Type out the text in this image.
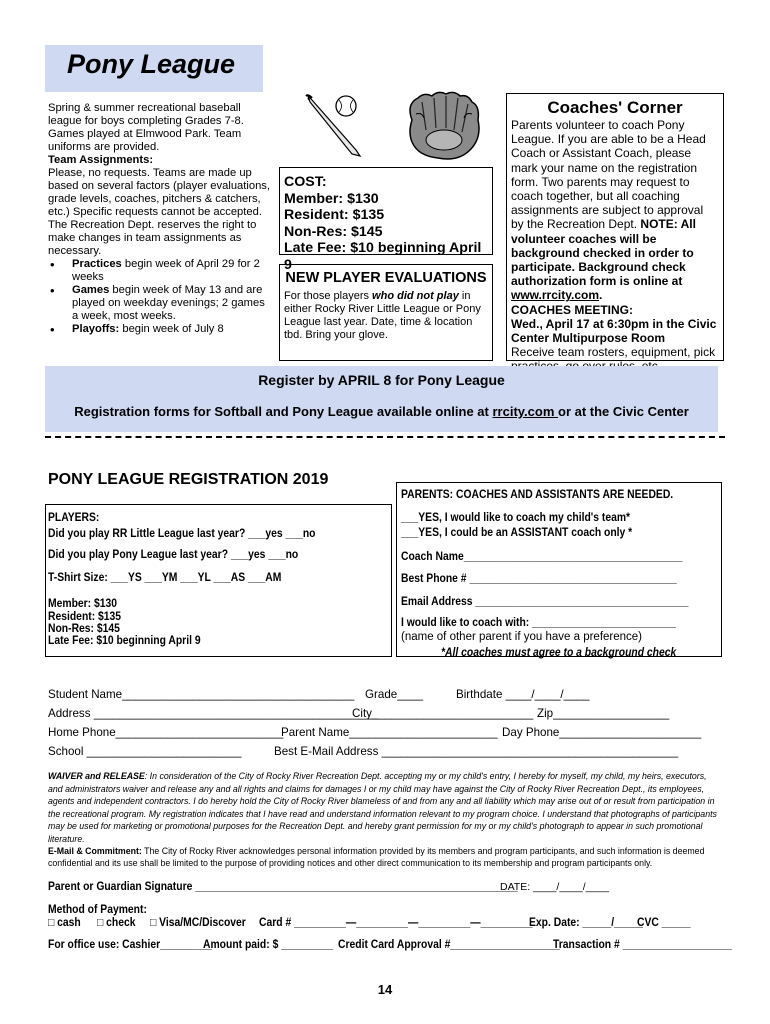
Pony League

Spring & summer recreational baseball league for boys completing Grades 7-8. Games played at Elmwood Park. Team uniforms are provided.

Team Assignments:

Please, no requests. Teams are made up based on several factors (player evaluations, grade levels, coaches, pitchers & catchers, etc.) Specific requests cannot be accepted. The Recreation Dept. reserves the right to make changes in team assignments as necessary.

• Practices begin week of April 29 for 2 weeks
• Games begin week of May 13 and are played on weekday evenings; 2 games a week, most weeks.
• Playoffs: begin week of July 8
COST:
Member: $130
Resident: $135
Non-Res: $145
Late Fee: $10 beginning April 9
NEW PLAYER EVALUATIONS
For those players who did not play in either Rocky River Little League or Pony League last year. Date, time & location tbd. Bring your glove.
Coaches' Corner
Parents volunteer to coach Pony League. If you are able to be a Head Coach or Assistant Coach, please mark your name on the registration form. Two parents may request to coach together, but all coaching assignments are subject to approval by the Recreation Dept. NOTE: All volunteer coaches will be background checked in order to participate. Background check authorization form is online at www.rrcity.com.
COACHES MEETING:
Wed., April 17 at 6:30pm in the Civic Center Multipurpose Room
Receive team rosters, equipment, pick
Register by APRIL 8 for Pony League
Registration forms for Softball and Pony League available online at rrcity.com or at the Civic Center
PONY LEAGUE REGISTRATION 2019
PARENTS: COACHES AND ASSISTANTS ARE NEEDED.
___YES, I would like to coach my child's team*
___YES, I could be an ASSISTANT coach only *
Coach Name______________________________________
Best Phone # ____________________________________
Email Address _____________________________________
I would like to coach with: _________________________
(name of other parent if you have a preference)
*All coaches must agree to a background check
PLAYERS:
Did you play RR Little League last year? ___yes ___no
Did you play Pony League last year? ___yes ___no
T-Shirt Size: ___YS ___YM ___YL ___AS ___AM
Member: $130
Resident: $135
Non-Res: $145
Late Fee: $10 beginning April 9
Student Name____________________________________ Grade____	Birthdate ____/____/____
Address ____________________________________________
City_________________________ Zip__________________
Home Phone__________________________
Parent Name_______________________ Day Phone______________________
School ________________________	Best E-Mail Address ______________________________________________
WAIVER and RELEASE: In consideration of the City of Rocky River Recreation Dept. accepting my or my child's entry, I hereby for myself, my child, my heirs, executors, and administrators waiver and release any and all rights and claims for damages I or my child may have against the City of Rocky River Recreation Dept., its employees, agents and independent contractors. I do hereby hold the City of Rocky River blameless of and from any and all liability which may arise out of or result from participation in the recreational program. My registration indicates that I have read and understand information relevant to my program choice. I understand that photographs of participants may be used for marketing or promotional purposes for the Recreation Dept. and hereby grant permission for my or my child's photograph to appear in such promotional literature.
E-Mail & Commitment: The City of Rocky River acknowledges personal information provided by its members and program participants, and such information is deemed confidential and its use shall be limited to the purpose of providing notices and other direct communication to its membership and program participants only.
Parent or Guardian Signature ________________________________________________________
DATE: ____/____/____
Method of Payment:
□ cash □ check □ Visa/MC/Discover Card # _________—_________—_________—_________
Exp. Date: _____/_____
CVC _____
For office use: Cashier_________
Amount paid: $ _________ Credit Card Approval #___________________
Transaction # ___________________
14
